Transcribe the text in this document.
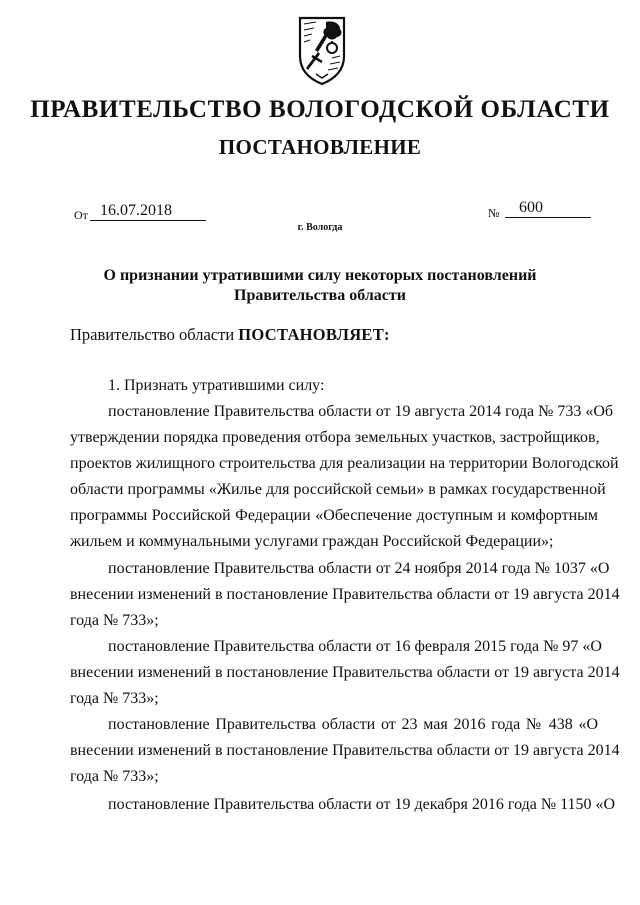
ПРАВИТЕЛЬСТВО ВОЛОГОДСКОЙ ОБЛАСТИ
ПОСТАНОВЛЕНИЕ
От 16.07.2018	№	600
г. Вологда
О признании утратившими силу некоторых постановлений
Правительства области
Правительство области ПОСТАНОВЛЯЕТ:
1. Признать утратившими силу:
постановление Правительства области от 19 августа 2014 года № 733 «Об
утверждении порядка проведения отбора земельных участков, застройщиков,
проектов жилищного строительства для реализации на территории Вологодской
области программы «Жилье для российской семьи» в рамках государственной
программы Российской Федерации «Обеспечение доступным и комфортным
жильем и коммунальными услугами граждан Российской Федерации»;
постановление Правительства области от 24 ноября 2014 года № 1037 «О
внесении изменений в постановление Правительства области от 19 августа 2014
года № 733»;
постановление Правительства области от 16 февраля 2015 года № 97 «О
внесении изменений в постановление Правительства области от 19 августа 2014
года № 733»;
постановление Правительства области от 23 мая 2016 года № 438 «О
внесении изменений в постановление Правительства области от 19 августа 2014
года № 733»;
постановление Правительства области от 19 декабря 2016 года № 1150 «О
